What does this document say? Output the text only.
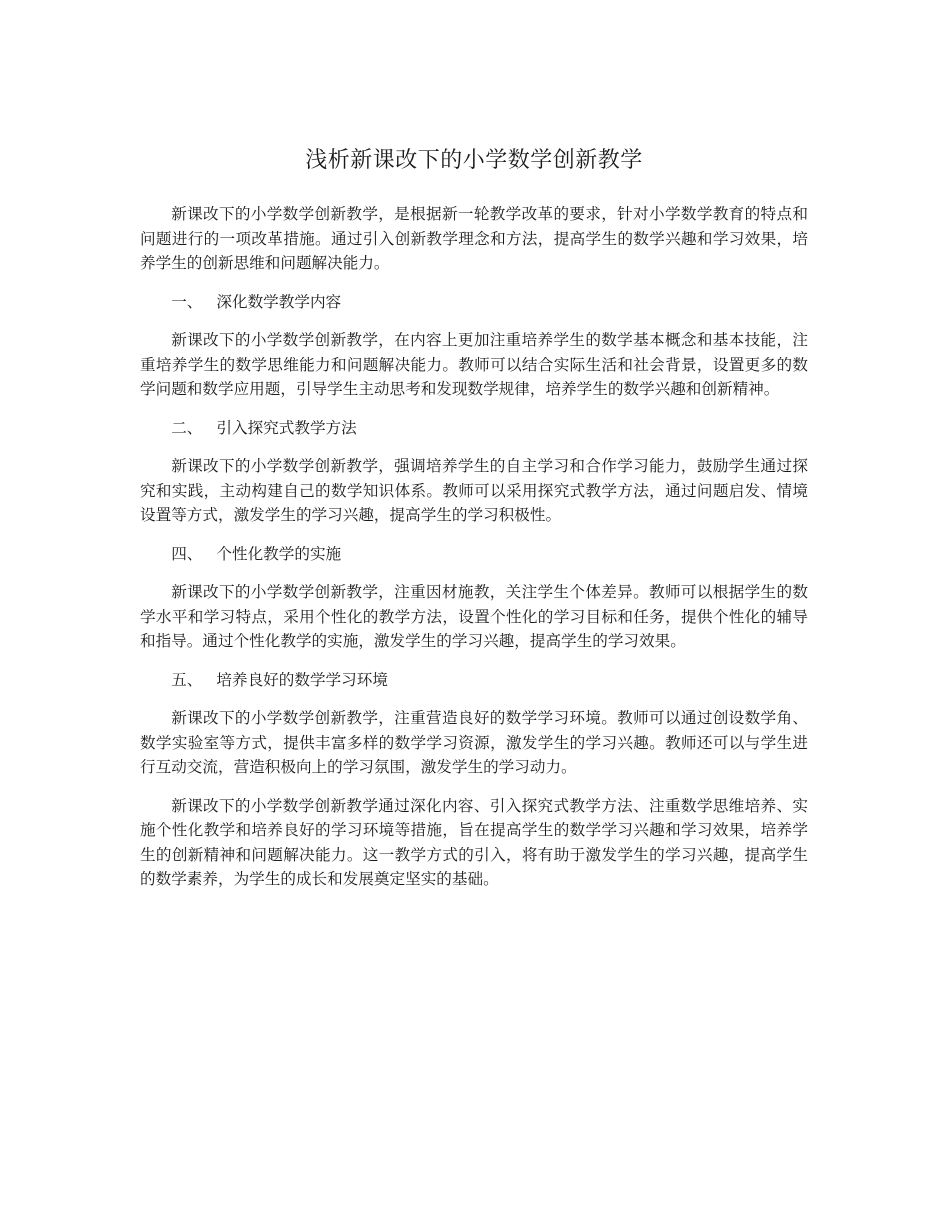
浅析新课改下的小学数学创新教学

新课改下的小学数学创新教学，是根据新一轮教学改革的要求，针对小学数学教育的特点和问题进行的一项改革措施。通过引入创新教学理念和方法，提高学生的数学兴趣和学习效果，培养学生的创新思维和问题解决能力。

一、 深化数学教学内容

新课改下的小学数学创新教学，在内容上更加注重培养学生的数学基本概念和基本技能，注重培养学生的数学思维能力和问题解决能力。教师可以结合实际生活和社会背景，设置更多的数学问题和数学应用题，引导学生主动思考和发现数学规律，培养学生的数学兴趣和创新精神。

二、 引入探究式教学方法

新课改下的小学数学创新教学，强调培养学生的自主学习和合作学习能力，鼓励学生通过探究和实践，主动构建自己的数学知识体系。教师可以采用探究式教学方法，通过问题启发、情境设置等方式，激发学生的学习兴趣，提高学生的学习积极性。

四、 个性化教学的实施

新课改下的小学数学创新教学，注重因材施教，关注学生个体差异。教师可以根据学生的数学水平和学习特点，采用个性化的教学方法，设置个性化的学习目标和任务，提供个性化的辅导和指导。通过个性化教学的实施，激发学生的学习兴趣，提高学生的学习效果。

五、 培养良好的数学学习环境

新课改下的小学数学创新教学，注重营造良好的数学学习环境。教师可以通过创设数学角、数学实验室等方式，提供丰富多样的数学学习资源，激发学生的学习兴趣。教师还可以与学生进行互动交流，营造积极向上的学习氛围，激发学生的学习动力。

新课改下的小学数学创新教学通过深化内容、引入探究式教学方法、注重数学思维培养、实施个性化教学和培养良好的学习环境等措施，旨在提高学生的数学学习兴趣和学习效果，培养学生的创新精神和问题解决能力。这一教学方式的引入，将有助于激发学生的学习兴趣，提高学生的数学素养，为学生的成长和发展奠定坚实的基础。
